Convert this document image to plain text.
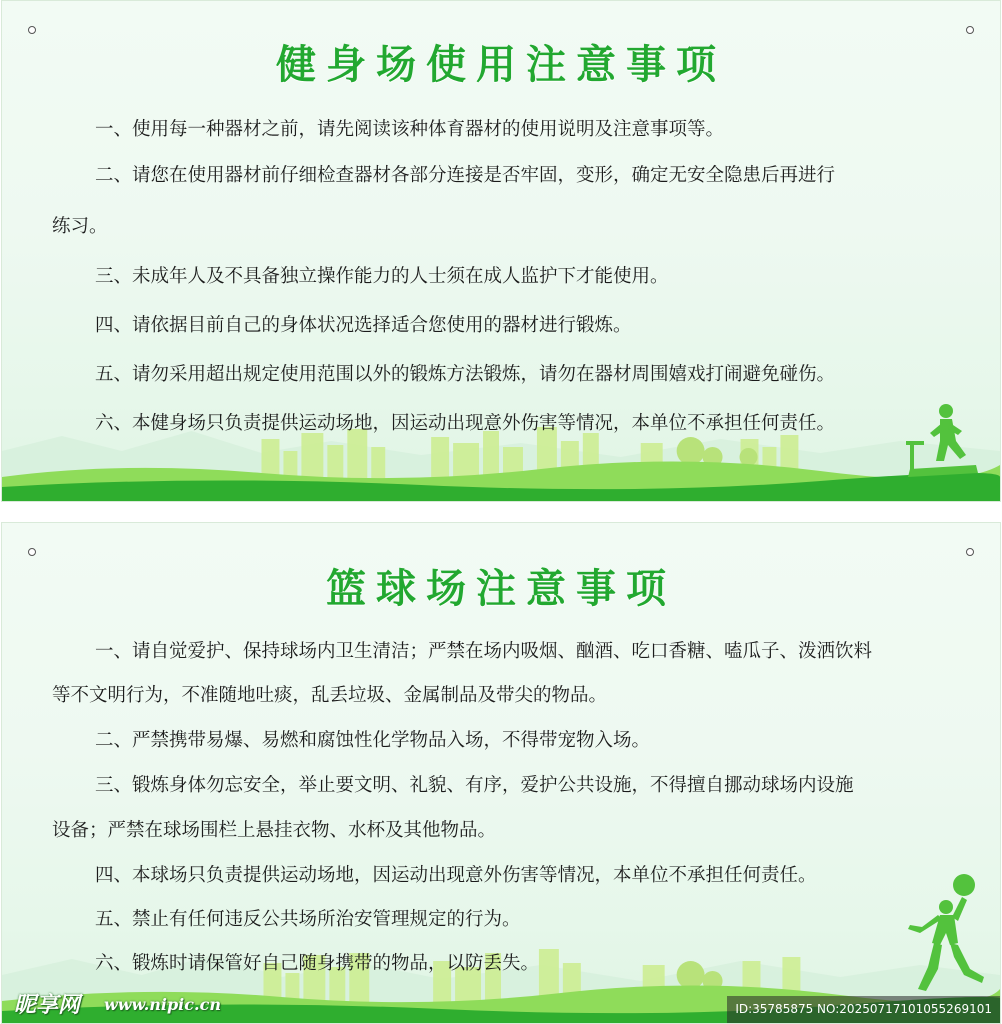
健身场使用注意事项
一、使用每一种器材之前，请先阅读该种体育器材的使用说明及注意事项等。
二、请您在使用器材前仔细检查器材各部分连接是否牢固，变形，确定无安全隐患后再进行
练习。
三、未成年人及不具备独立操作能力的人士须在成人监护下才能使用。
四、请依据目前自己的身体状况选择适合您使用的器材进行锻炼。
五、请勿采用超出规定使用范围以外的锻炼方法锻炼，请勿在器材周围嬉戏打闹避免碰伤。
六、本健身场只负责提供运动场地，因运动出现意外伤害等情况，本单位不承担任何责任。
篮球场注意事项
一、请自觉爱护、保持球场内卫生清洁；严禁在场内吸烟、酗酒、吃口香糖、嗑瓜子、泼洒饮料
等不文明行为，不准随地吐痰，乱丢垃圾、金属制品及带尖的物品。
二、严禁携带易爆、易燃和腐蚀性化学物品入场，不得带宠物入场。
三、锻炼身体勿忘安全，举止要文明、礼貌、有序，爱护公共设施，不得擅自挪动球场内设施
设备；严禁在球场围栏上悬挂衣物、水杯及其他物品。
四、本球场只负责提供运动场地，因运动出现意外伤害等情况，本单位不承担任何责任。
五、禁止有任何违反公共场所治安管理规定的行为。
六、锻炼时请保管好自己随身携带的物品，以防丢失。
昵享网 www.nipic.cn	ID:35785875 NO:20250717101055269101
